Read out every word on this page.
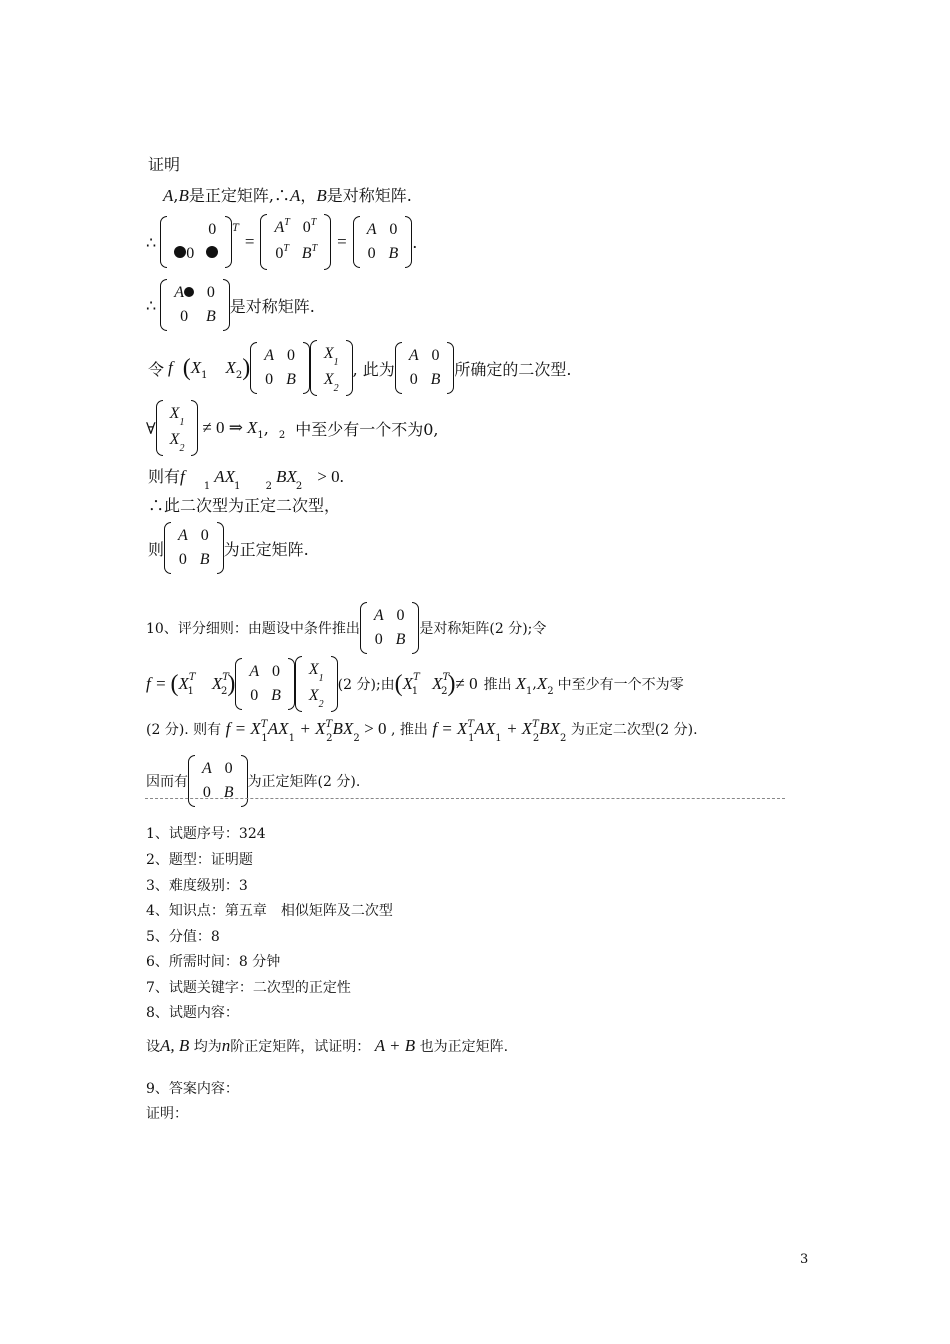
证明
A,B是正定矩阵,∴A，B是对称矩阵.
∴
	0
0	
T
=
$A^T$	$0^T$
$0^T$	$B^T$ =
A	0
0	B
.
∴
A	0
0	B
是对称矩阵.
令 f ( X 1 X 2 ) A	0
0	B
$X_1$
$X_2$
, 此为
A	0
0	B
所确定的二次型.
∀
$X_1$
$X_2$
≠ 0 ⇒ X 1 , 2 中至少有一个不为0,
则有f $_1$AX $_1$	$_2$BX $_2$ > 0.
∴此二次型为正定二次型，
则
A	0
0	B
为正定矩阵.
10、评分细则：由题设中条件推出
A	0
0	B
是对称矩阵(2 分);令
f = ( X T
1 X T
2 ) A	0
0	B
$X_1$
$X_2$
(2 分);由 ( X T
1 X T
2 ) ≠ 0 推出 X 1 , X 2 中至少有一个不为零
(2 分). 则有 $f = X^T_1AX_1 + X^T_2BX_2 > 0$ , 推出 $f = X^T_1AX_1 + X^T_2BX_2$ 为正定二次型(2 分).
因而有
A	0
0	B
为正定矩阵(2 分).
1、试题序号：324
2、题型：证明题
3、难度级别：3
4、知识点：第五章　相似矩阵及二次型
5、分值：8
6、所需时间：8 分钟
7、试题关键字：二次型的正定性
8、试题内容：
设A, B 均为n阶正定矩阵，试证明： A + B 也为正定矩阵.
9、答案内容：
证明：
3
